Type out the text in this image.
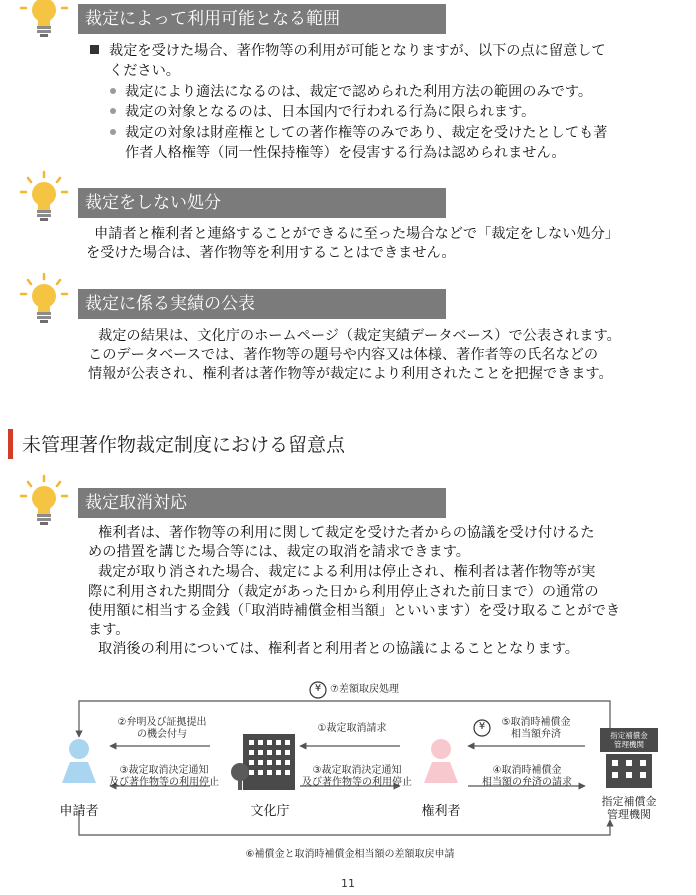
裁定によって利用可能となる範囲
裁定を受けた場合、著作物等の利用が可能となりますが、以下の点に留意して
ください。
裁定により適法になるのは、裁定で認められた利用方法の範囲のみです。
裁定の対象となるのは、日本国内で行われる行為に限られます。
裁定の対象は財産権としての著作権等のみであり、裁定を受けたとしても著
作者人格権等（同一性保持権等）を侵害する行為は認められません。
裁定をしない処分
申請者と権利者と連絡することができるに至った場合などで「裁定をしない処分」
を受けた場合は、著作物等を利用することはできません。
裁定に係る実績の公表
裁定の結果は、文化庁のホームページ（裁定実績データベース）で公表されます。
このデータベースでは、著作物等の題号や内容又は体様、著作者等の氏名などの
情報が公表され、権利者は著作物等が裁定により利用されたことを把握できます。
未管理著作物裁定制度における留意点
裁定取消対応
権利者は、著作物等の利用に関して裁定を受けた者からの協議を受け付けるた
めの措置を講じた場合等には、裁定の取消を請求できます。
裁定が取り消された場合、裁定による利用は停止され、権利者は著作物等が実
際に利用された期間分（裁定があった日から利用停止された前日まで）の通常の
使用額に相当する金銭（「取消時補償金相当額」といいます）を受け取ることができ
ます。
取消後の利用については、権利者と利用者との協議によることとなります。
¥
¥
⑦差額取戻処理
②弁明及び証拠提出
の機会付与
①裁定取消請求
⑤取消時補償金
相当額弁済
③裁定取消決定通知
及び著作物等の利用停止
③裁定取消決定通知
及び著作物等の利用停止
④取消時補償金
相当額の弁済の請求
指定補償金
管理機関
申請者	文化庁	権利者
指定補償金
管理機関
⑥補償金と取消時補償金相当額の差額取戻申請
11
